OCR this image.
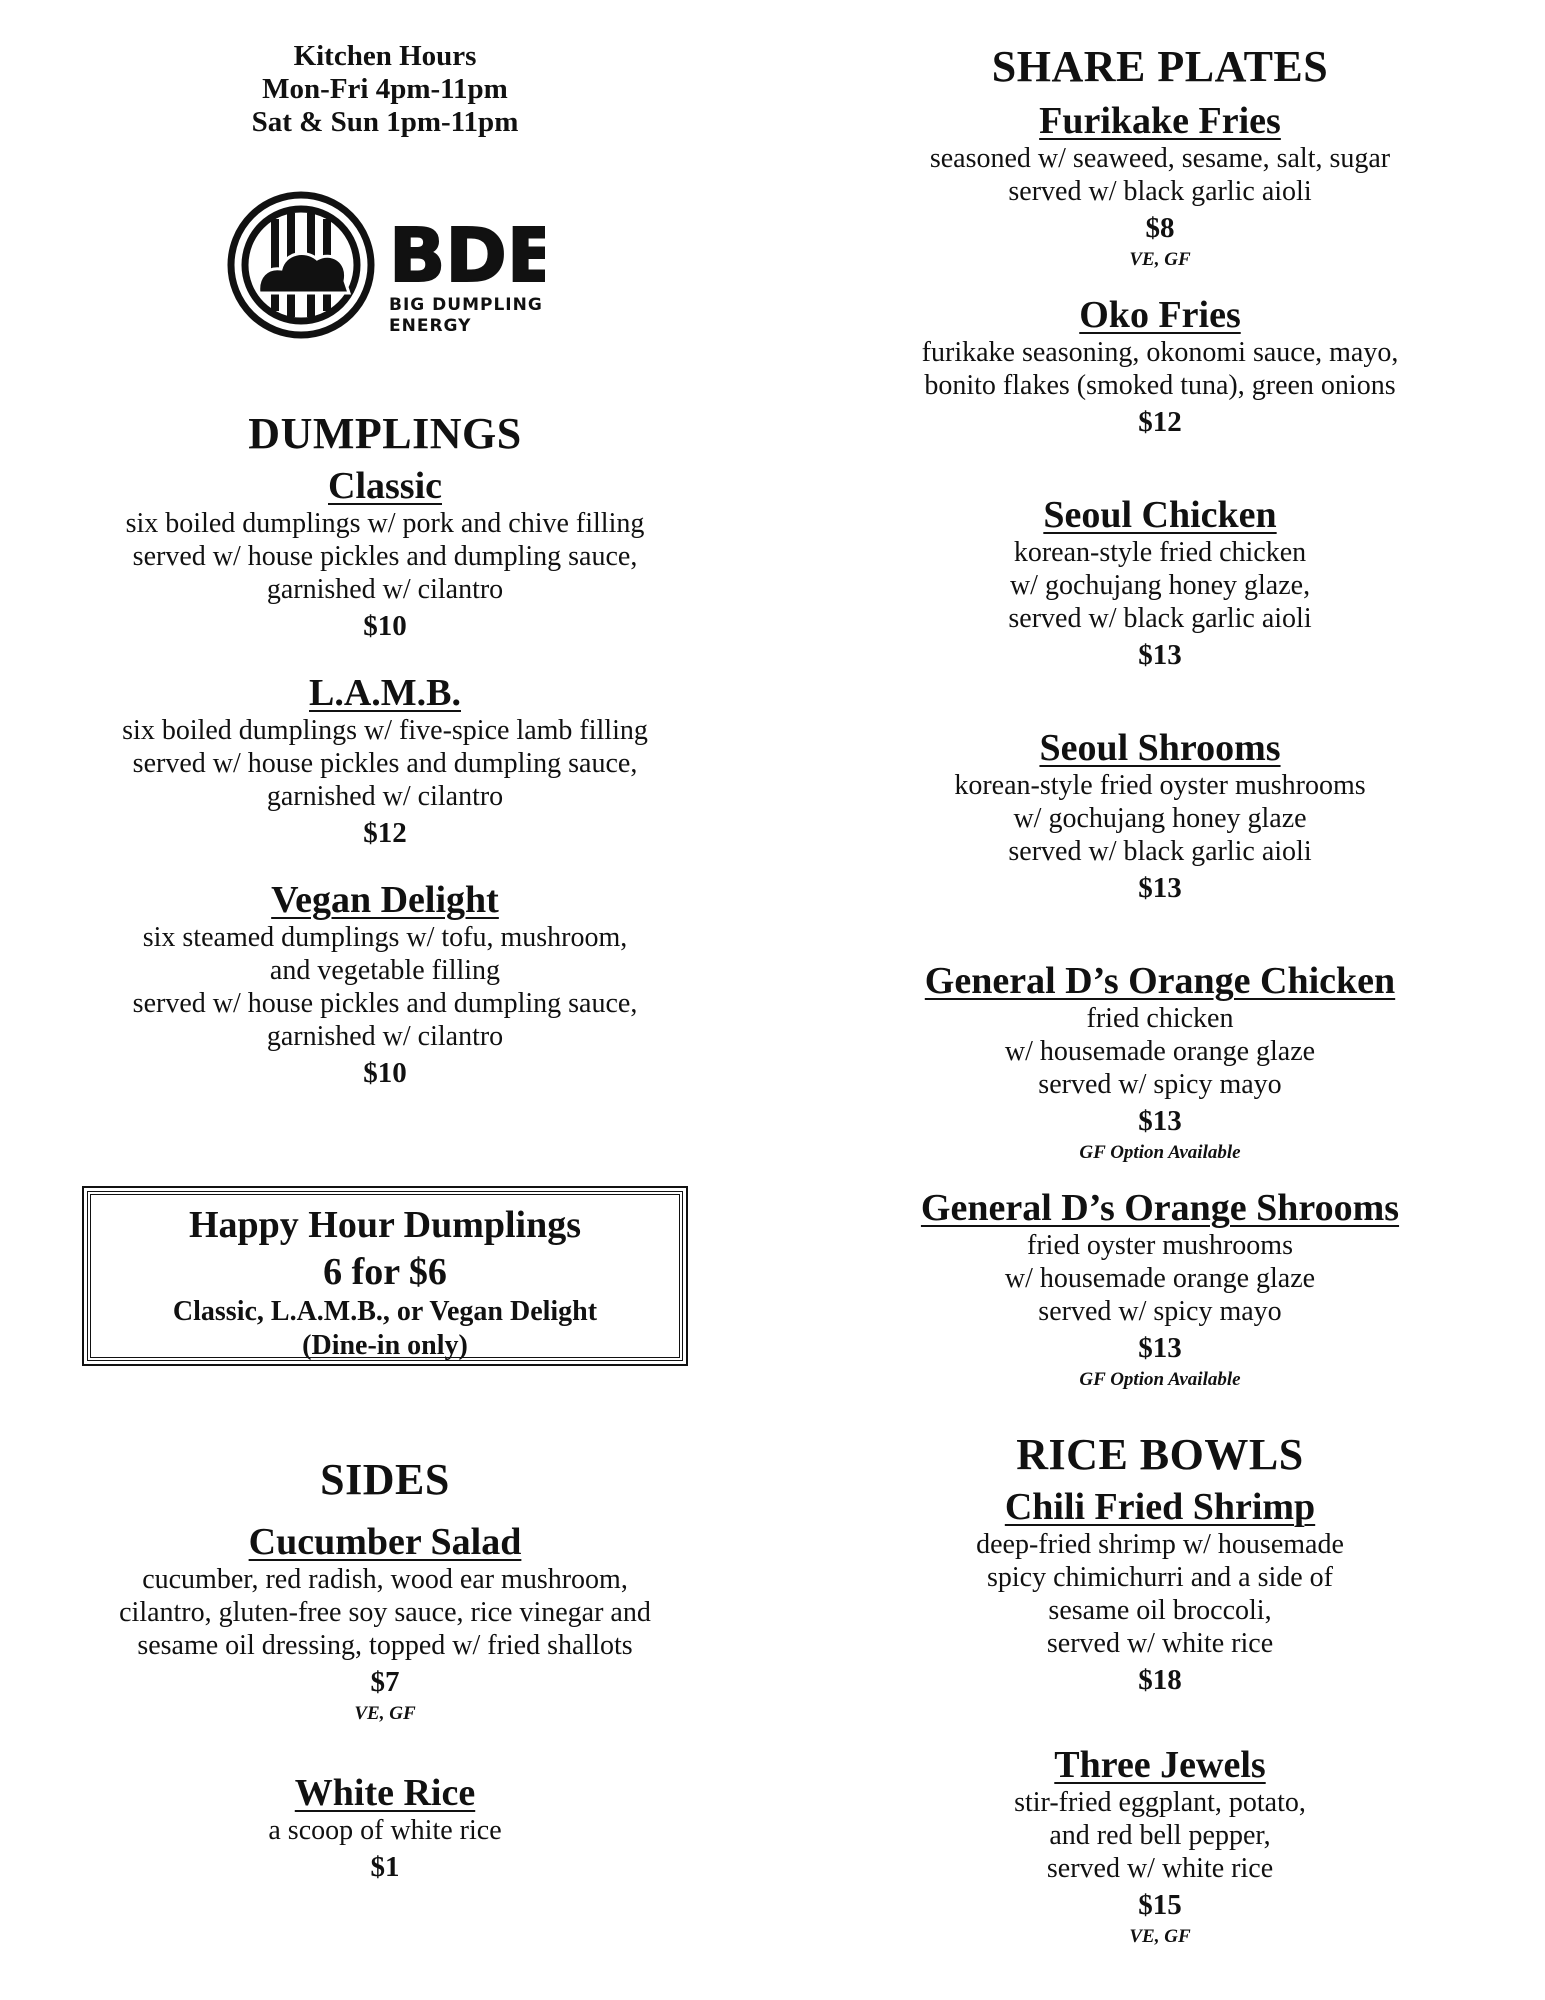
Kitchen Hours
Mon-Fri 4pm-11pm
Sat & Sun 1pm-11pm
BDE
BIG DUMPLING
ENERGY
DUMPLINGS
Classic
six boiled dumplings w/ pork and chive filling
served w/ house pickles and dumpling sauce,
garnished w/ cilantro
$10
L.A.M.B.
six boiled dumplings w/ five-spice lamb filling
served w/ house pickles and dumpling sauce,
garnished w/ cilantro
$12
Vegan Delight
six steamed dumplings w/ tofu, mushroom,
and vegetable filling
served w/ house pickles and dumpling sauce,
garnished w/ cilantro
$10
Happy Hour Dumplings
6 for $6
Classic, L.A.M.B., or Vegan Delight
(Dine-in only)
SIDES
Cucumber Salad
cucumber, red radish, wood ear mushroom,
cilantro, gluten-free soy sauce, rice vinegar and
sesame oil dressing, topped w/ fried shallots
$7
VE, GF
White Rice
a scoop of white rice
$1
SHARE PLATES
Furikake Fries
seasoned w/ seaweed, sesame, salt, sugar
served w/ black garlic aioli
$8
VE, GF
Oko Fries
furikake seasoning, okonomi sauce, mayo,
bonito flakes (smoked tuna), green onions
$12
Seoul Chicken
korean-style fried chicken
w/ gochujang honey glaze,
served w/ black garlic aioli
$13
Seoul Shrooms
korean-style fried oyster mushrooms
w/ gochujang honey glaze
served w/ black garlic aioli
$13
General D’s Orange Chicken
fried chicken
w/ housemade orange glaze
served w/ spicy mayo
$13
GF Option Available
General D’s Orange Shrooms
fried oyster mushrooms
w/ housemade orange glaze
served w/ spicy mayo
$13
GF Option Available
RICE BOWLS
Chili Fried Shrimp
deep-fried shrimp w/ housemade
spicy chimichurri and a side of
sesame oil broccoli,
served w/ white rice
$18
Three Jewels
stir-fried eggplant, potato,
and red bell pepper,
served w/ white rice
$15
VE, GF
